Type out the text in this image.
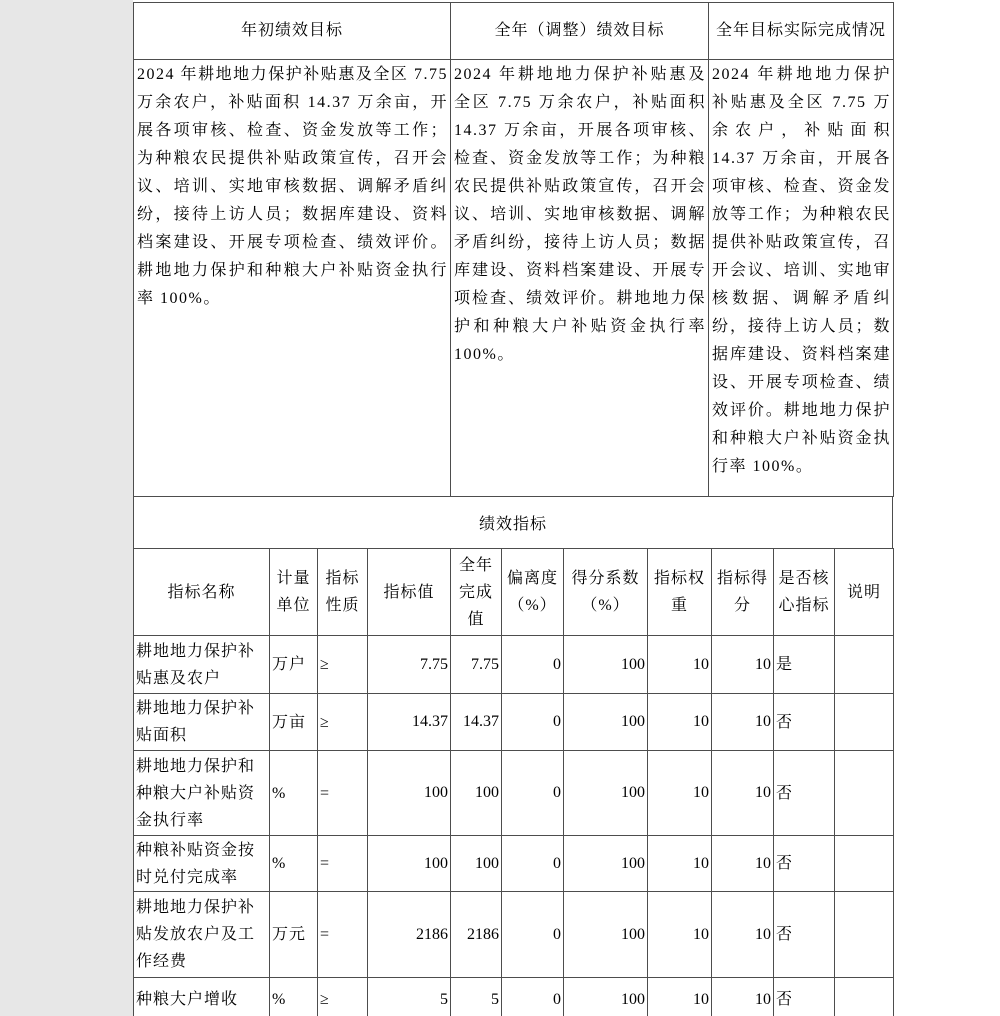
年初绩效目标	全年（调整）绩效目标	全年目标实际完成情况
2024 年耕地地力保护补贴惠及全区 7.75 万余农户，补贴面积 14.37 万余亩，开展各项审核、检查、资金发放等工作；为种粮农民提供补贴政策宣传，召开会议、培训、实地审核数据、调解矛盾纠纷，接待上访人员；数据库建设、资料档案建设、开展专项检查、绩效评价。耕地地力保护和种粮大户补贴资金执行率 100%。	2024 年耕地地力保护补贴惠及全区 7.75 万余农户，补贴面积 14.37 万余亩，开展各项审核、检查、资金发放等工作；为种粮农民提供补贴政策宣传，召开会议、培训、实地审核数据、调解矛盾纠纷，接待上访人员；数据库建设、资料档案建设、开展专项检查、绩效评价。耕地地力保护和种粮大户补贴资金执行率 100%。	2024 年耕地地力保护补贴惠及全区 7.75 万余农户，补贴面积 14.37 万余亩，开展各项审核、检查、资金发放等工作；为种粮农民提供补贴政策宣传，召开会议、培训、实地审核数据、调解矛盾纠纷，接待上访人员；数据库建设、资料档案建设、开展专项检查、绩效评价。耕地地力保护和种粮大户补贴资金执行率 100%。
绩效指标
指标名称	计量单位	指标性质	指标值	全年完成值	偏离度（%）	得分系数（%）	指标权重	指标得分	是否核心指标	说明
耕地地力保护补贴惠及农户	万户	≥	7.75	7.75	0	100	10	10	是	
耕地地力保护补贴面积	万亩	≥	14.37	14.37	0	100	10	10	否	
耕地地力保护和种粮大户补贴资金执行率	%	=	100	100	0	100	10	10	否	
种粮补贴资金按时兑付完成率	%	=	100	100	0	100	10	10	否	
耕地地力保护补贴发放农户及工作经费	万元	=	2186	2186	0	100	10	10	否	
种粮大户增收	%	≥	5	5	0	100	10	10	否	
